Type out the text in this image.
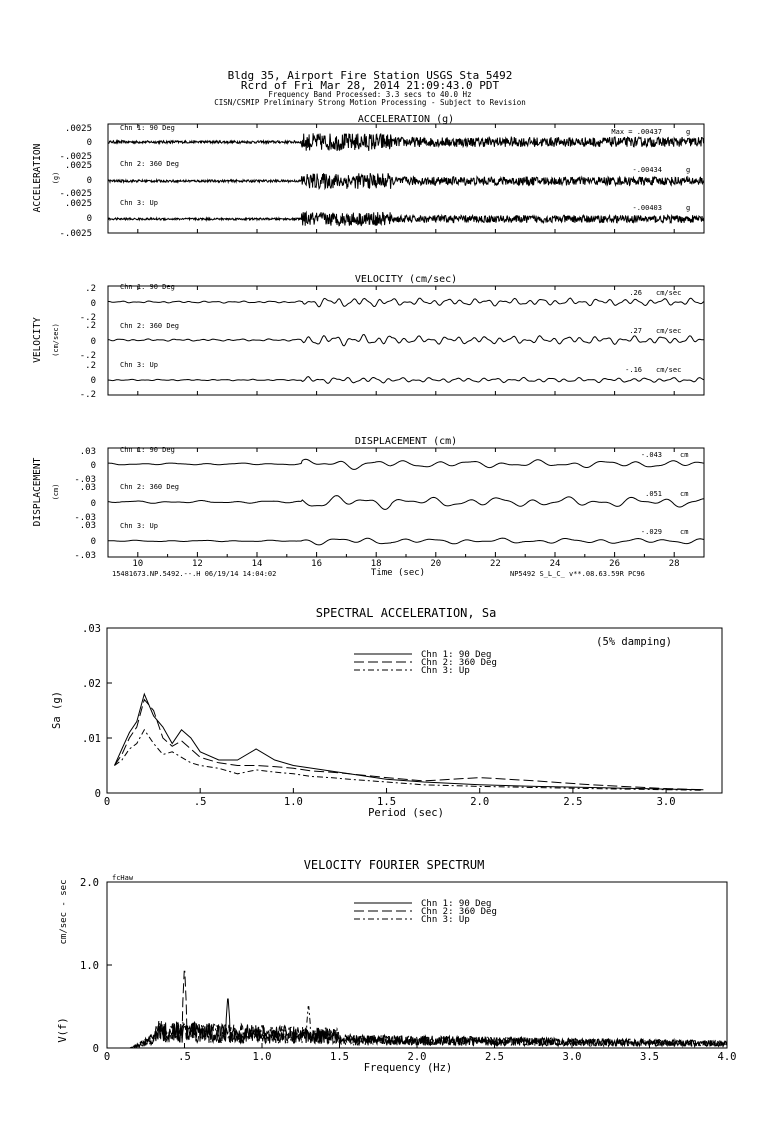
Bldg 35, Airport Fire Station USGS Sta 5492
Rcrd of Fri Mar 28, 2014 21:09:43.0 PDT
Frequency Band Processed: 3.3 secs to 40.0 Hz
CISN/CSMIP Preliminary Strong Motion Processing - Subject to Revision
ACCELERATION (g)
ACCELERATION (g)
.0025
0
-.0025
Chn 1: 90 Deg	Max = .00437	g
.0025
0
-.0025
Chn 2: 360 Deg
-.00434	g
.0025
0
-.0025
Chn 3: Up
-.00403	g
VELOCITY (cm/sec)
VELOCITY (cm/sec)
.2
0
-.2
Chn 1: 90 Deg
.26 cm/sec
.2
0
-.2
Chn 2: 360 Deg
.27 cm/sec
.2
0
-.2
Chn 3: Up
-.16 cm/sec
DISPLACEMENT (cm)
DISPLACEMENT (cm)
.03
0
-.03
Chn 1: 90 Deg
-.043	cm
.03
0
-.03
Chn 2: 360 Deg
.051	cm
.03
0
-.03
Chn 3: Up
-.029	cm
10	12	14	16	18	20	22	24	26	28
Time (sec)
15481673.NP.5492.--.H 06/19/14 14:04:02	NP5492 S_L_C_ v**.08.63.59R PC96
SPECTRAL ACCELERATION, Sa
(5% damping)
Sa (g)
Period (sec)
0	.5	1.0	1.5	2.0	2.5	3.0
0
.01
.02
.03
Chn 1: 90 Deg
Chn 2: 360 Deg
Chn 3: Up
VELOCITY FOURIER SPECTRUM
fcHaw
V(f)
cm/sec - sec
Frequency (Hz)
0	.5	1.0	1.5	2.0	2.5	3.0	3.5	4.0
0
1.0
2.0
Chn 1: 90 Deg
Chn 2: 360 Deg
Chn 3: Up
